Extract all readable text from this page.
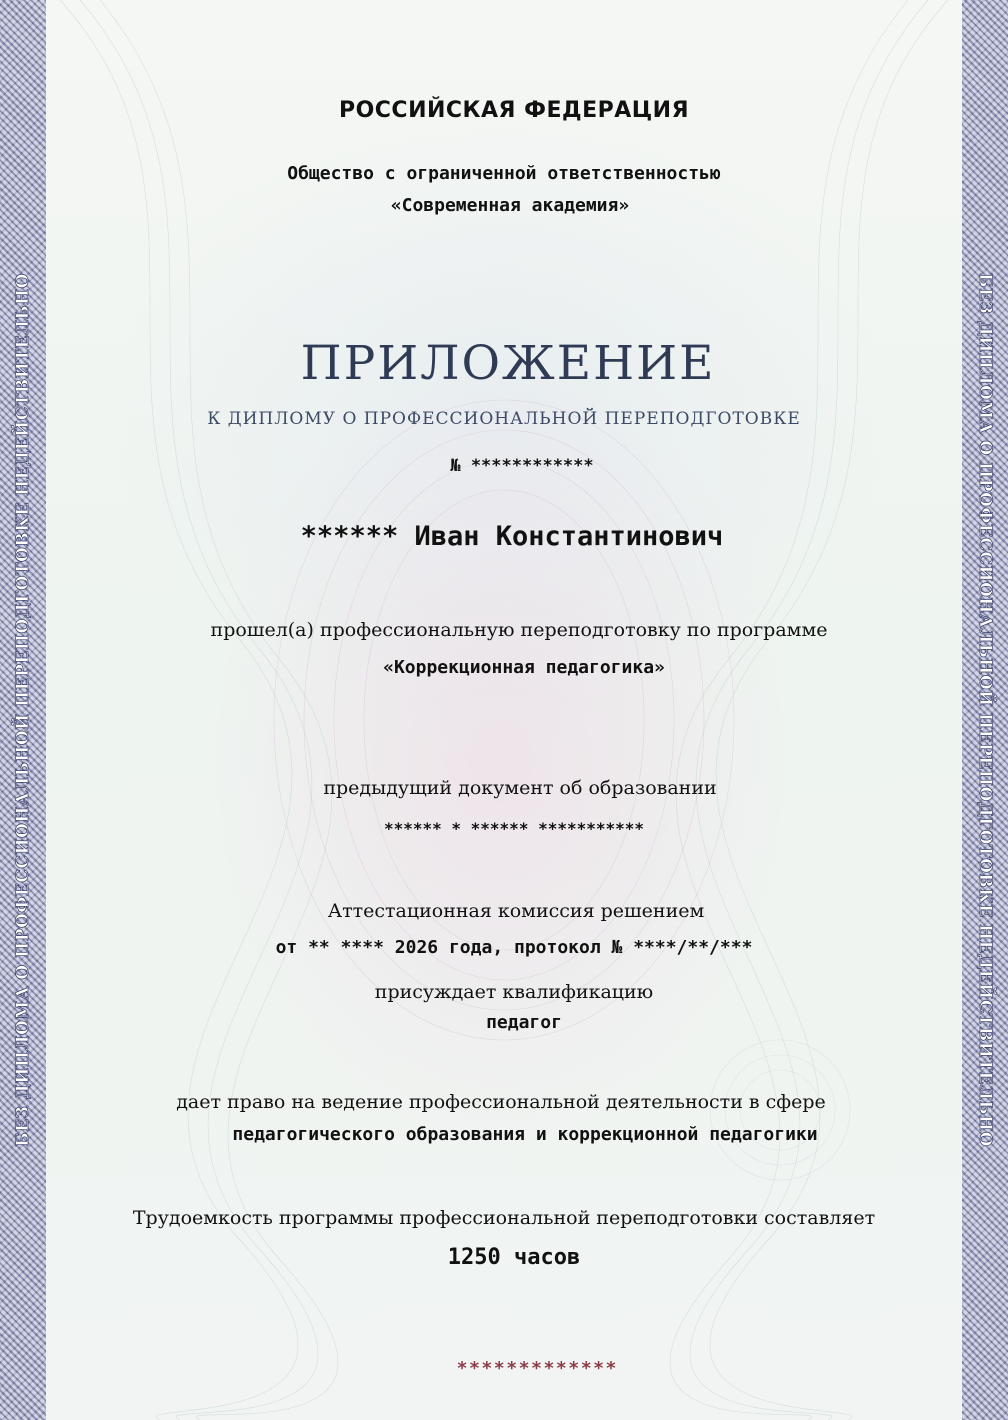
БЕЗ ДИПЛОМА О ПРОФЕССИОНАЛЬНОЙ ПЕРЕПОДГОТОВКЕ НЕДЕЙСТВИТЕЛЬНО	БЕЗ ДИПЛОМА О ПРОФЕССИОНАЛЬНОЙ ПЕРЕПОДГОТОВКЕ НЕДЕЙСТВИТЕЛЬНО
РОССИЙСКАЯ ФЕДЕРАЦИЯ
Общество с ограниченной ответственностью
«Современная академия»
ПРИЛОЖЕНИЕ
К ДИПЛОМУ О ПРОФЕССИОНАЛЬНОЙ ПЕРЕПОДГОТОВКЕ
№ ************
****** Иван Константинович
прошел(а) профессиональную переподготовку по программе
«Коррекционная педагогика»
предыдущий документ об образовании
****** * ****** ***********
Аттестационная комиссия решением
от ** **** 2026 года, протокол № ****/**/***
присуждает квалификацию
педагог
дает право на ведение профессиональной деятельности в сфере
педагогического образования и коррекционной педагогики
Трудоемкость программы профессиональной переподготовки составляет
1250 часов
*************
